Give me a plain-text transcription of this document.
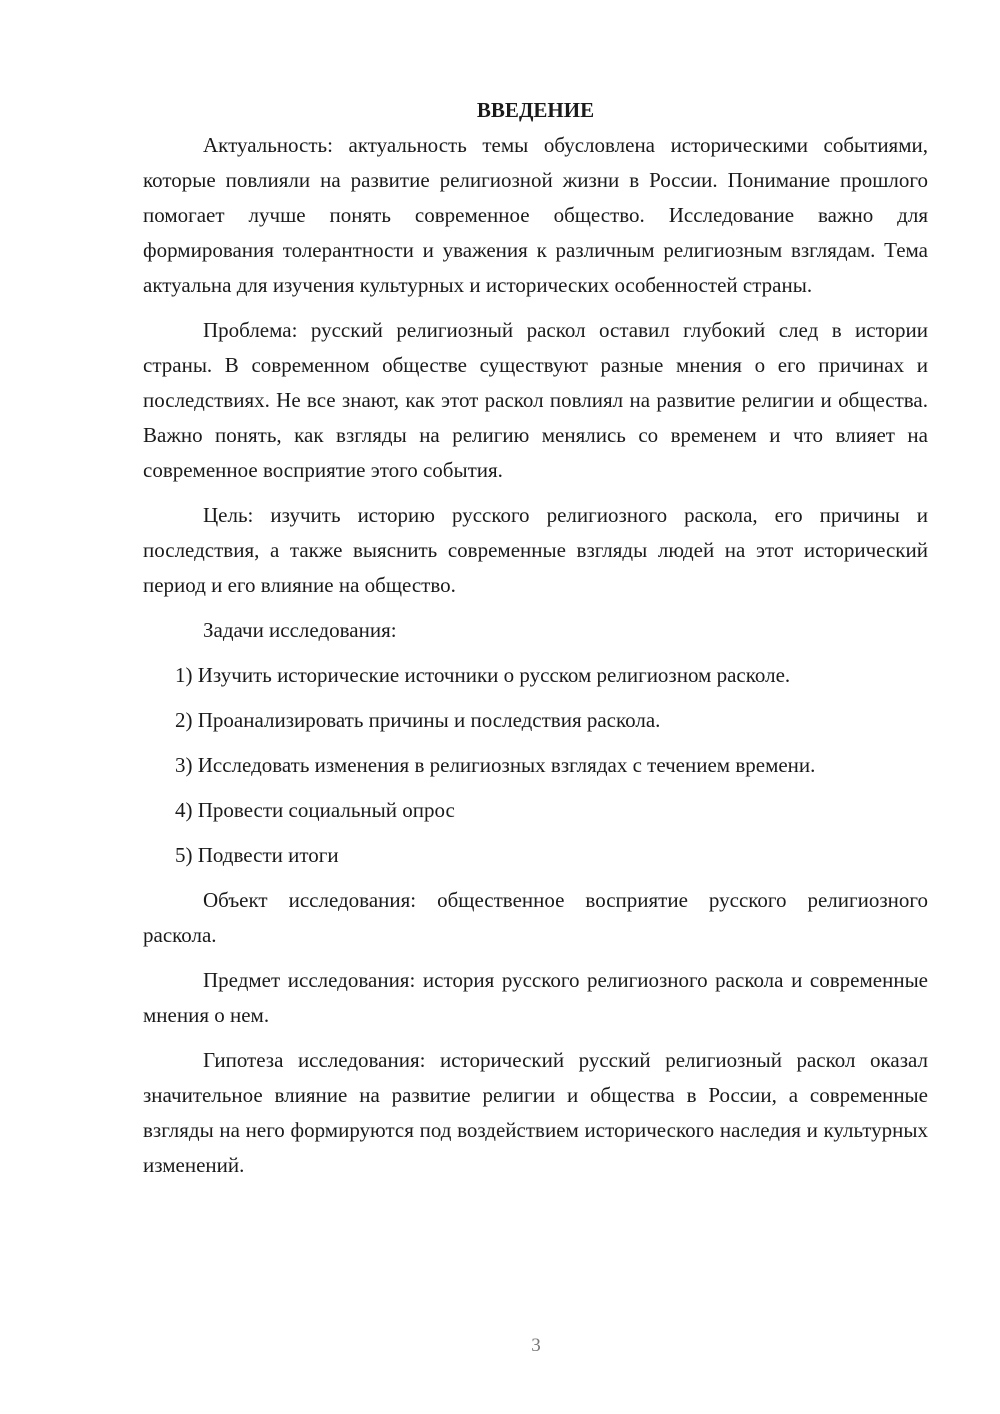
ВВЕДЕНИЕ

Актуальность: актуальность темы обусловлена историческими событиями, которые повлияли на развитие религиозной жизни в России. Понимание прошлого помогает лучше понять современное общество. Исследование важно для формирования толерантности и уважения к различным религиозным взглядам. Тема актуальна для изучения культурных и исторических особенностей страны.

Проблема: русский религиозный раскол оставил глубокий след в истории страны. В современном обществе существуют разные мнения о его причинах и последствиях. Не все знают, как этот раскол повлиял на развитие религии и общества. Важно понять, как взгляды на религию менялись со временем и что влияет на современное восприятие этого события.

Цель: изучить историю русского религиозного раскола, его причины и последствия, а также выяснить современные взгляды людей на этот исторический период и его влияние на общество.

Задачи исследования:

1) Изучить исторические источники о русском религиозном расколе.

2) Проанализировать причины и последствия раскола.

3) Исследовать изменения в религиозных взглядах с течением времени.

4) Провести социальный опрос

5) Подвести итоги

Объект исследования: общественное восприятие русского религиозного раскола.

Предмет исследования: история русского религиозного раскола и современные мнения о нем.

Гипотеза исследования: исторический русский религиозный раскол оказал значительное влияние на развитие религии и общества в России, а современные взгляды на него формируются под воздействием исторического наследия и культурных изменений.

3
